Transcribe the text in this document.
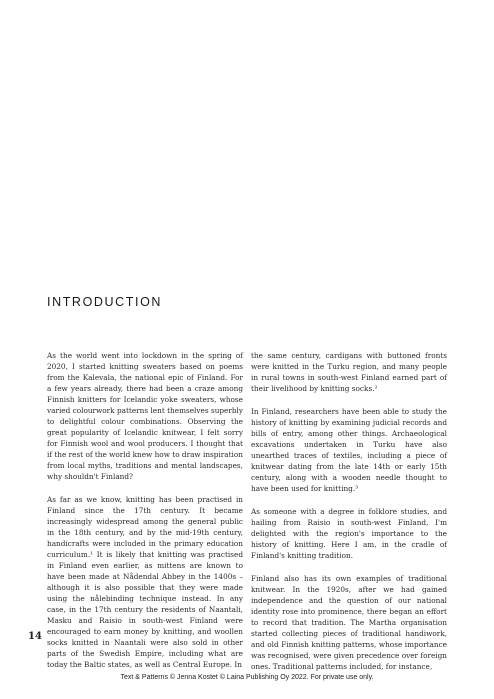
INTRODUCTION

As the world went into lockdown in the spring of 2020, I started knitting sweaters based on poems from the Kalevala, the national epic of Finland. For a few years already, there had been a craze among Finnish knitters for Icelandic yoke sweaters, whose varied colourwork patterns lent themselves superbly to delightful colour combinations. Observing the great popularity of Icelandic knitwear, I felt sorry for Finnish wool and wool producers. I thought that if the rest of the world knew how to draw inspiration from local myths, traditions and mental landscapes, why shouldn't Finland?

As far as we know, knitting has been practised in Finland since the 17th century. It became increasingly widespread among the general public in the 18th century, and by the mid-19th century, handicrafts were included in the primary education curriculum.¹ It is likely that knitting was practised in Finland even earlier, as mittens are known to have been made at Nådendal Abbey in the 1400s – although it is also possible that they were made using the nålebinding technique instead. In any case, in the 17th century the residents of Naantali, Masku and Raisio in south-west Finland were encouraged to earn money by knitting, and woollen socks knitted in Naantali were also sold in other parts of the Swedish Empire, including what are today the Baltic states, as well as Central Europe. In

the same century, cardigans with buttoned fronts were knitted in the Turku region, and many people in rural towns in south-west Finland earned part of their livelihood by knitting socks.²

In Finland, researchers have been able to study the history of knitting by examining judicial records and bills of entry, among other things. Archaeological excavations undertaken in Turku have also unearthed traces of textiles, including a piece of knitwear dating from the late 14th or early 15th century, along with a wooden needle thought to have been used for knitting.³

As someone with a degree in folklore studies, and hailing from Raisio in south-west Finland, I'm delighted with the region's importance to the history of knitting. Here I am, in the cradle of Finland's knitting tradition.

Finland also has its own examples of traditional knitwear. In the 1920s, after we had gained independence and the question of our national identity rose into prominence, there began an effort to record that tradition. The Martha organisation started collecting pieces of traditional handiwork, and old Finnish knitting patterns, whose importance was recognised, were given precedence over foreign ones. Traditional patterns included, for instance,

14
Text & Patterns © Jenna Kostet © Laina Publishing Oy 2022. For private use only.
